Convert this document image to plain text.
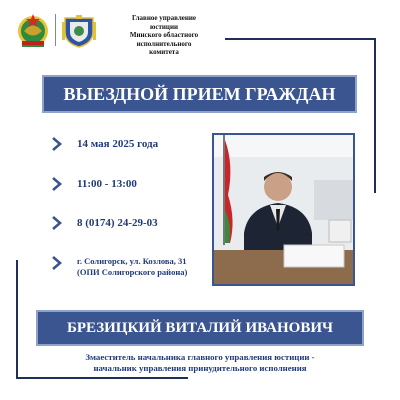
Главное управление
юстиции
Минского областного
исполнительного
комитета
ВЫЕЗДНОЙ ПРИЕМ ГРАЖДАН
14 мая 2025 года
11:00 - 13:00
8 (0174) 24-29-03
г. Солигорск, ул. Козлова, 31
(ОПИ Солигорского района)
БРЕЗИЦКИЙ ВИТАЛИЙ ИВАНОВИЧ
Змаеститель начальника главного управления юстиции -
начальник управления принудительного исполнения
